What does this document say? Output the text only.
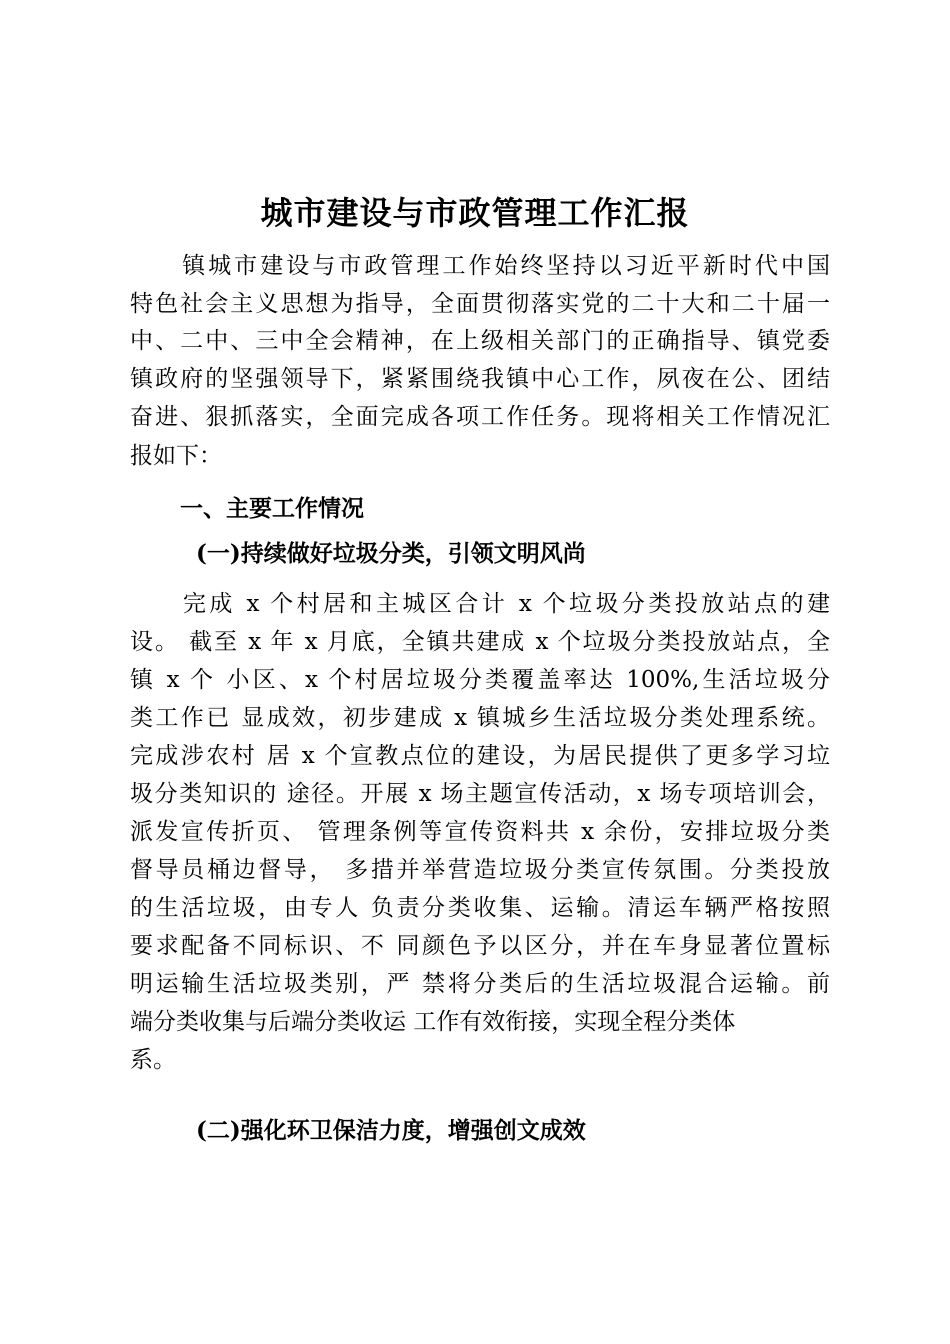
城市建设与市政管理工作汇报
　　镇城市建设与市政管理工作始终坚持以习近平新时代中国
特色社会主义思想为指导，全面贯彻落实党的二十大和二十届一
中、二中、三中全会精神，在上级相关部门的正确指导、镇党委
镇政府的坚强领导下，紧紧围绕我镇中心工作，夙夜在公、团结
奋进、狠抓落实，全面完成各项工作任务。现将相关工作情况汇
报如下：
一、主要工作情况
(一)持续做好垃圾分类，引领文明风尚
　　完成 x 个村居和主城区合计 x 个垃圾分类投放站点的建
设。 截至 x 年 x 月底，全镇共建成 x 个垃圾分类投放站点，全
镇 x 个 小区、x 个村居垃圾分类覆盖率达 100%,生活垃圾分
类工作已 显成效，初步建成 x 镇城乡生活垃圾分类处理系统。
完成涉农村 居 x 个宣教点位的建设，为居民提供了更多学习垃
圾分类知识的 途径。开展 x 场主题宣传活动，x 场专项培训会，
派发宣传折页、 管理条例等宣传资料共 x 余份，安排垃圾分类
督导员桶边督导， 多措并举营造垃圾分类宣传氛围。分类投放
的生活垃圾，由专人 负责分类收集、运输。清运车辆严格按照
要求配备不同标识、不 同颜色予以区分，并在车身显著位置标
明运输生活垃圾类别，严 禁将分类后的生活垃圾混合运输。前
端分类收集与后端分类收运 工作有效衔接，实现全程分类体
系。
(二)强化环卫保洁力度，增强创文成效
